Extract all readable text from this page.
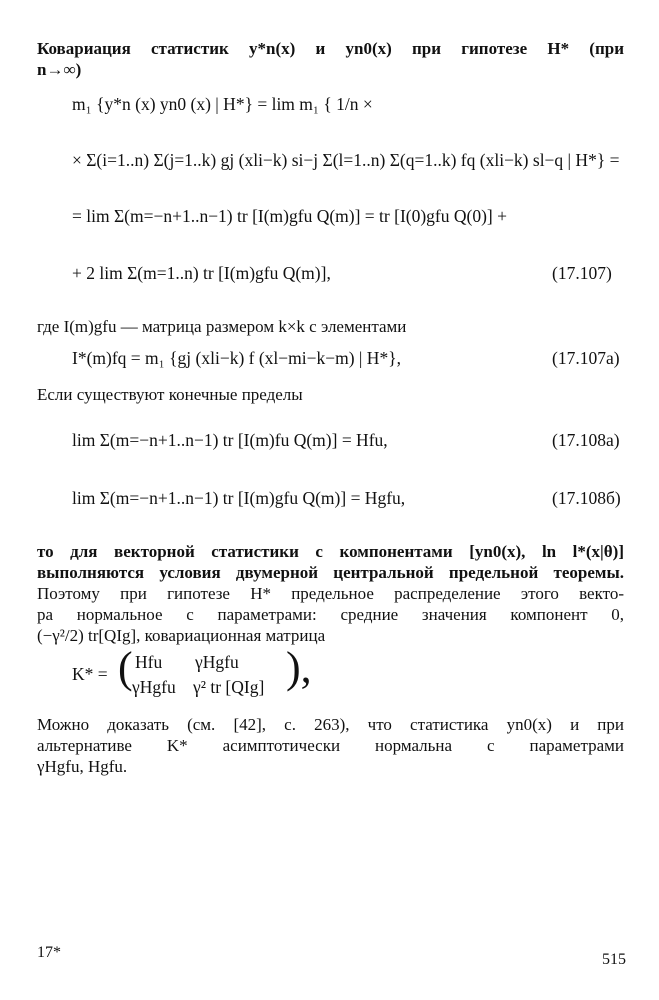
Ковариация статистик y*n(x) и yn0(x) при гипотезе H* (при
n→∞)
m₁ {y*n (x) yn0 (x) | H*} = lim m₁ { 1/n ×
× Σ(i=1..n) Σ(j=1..k) gj (xli−k) si−j Σ(l=1..n) Σ(q=1..k) fq (xli−k) sl−q | H*} =
= lim Σ(m=−n+1..n−1) tr [I(m)gfu Q(m)] = tr [I(0)gfu Q(0)] +
+ 2 lim Σ(m=1..n) tr [I(m)gfu Q(m)],	(17.107)
где I(m)gfu — матрица размером k×k с элементами
I*(m)fq = m₁ {gj (xli−k) f (xl−mi−k−m) | H*},	(17.107a)
Если существуют конечные пределы
lim Σ(m=−n+1..n−1) tr [I(m)fu Q(m)] = Hfu,	(17.108a)
lim Σ(m=−n+1..n−1) tr [I(m)gfu Q(m)] = Hgfu,	(17.108б)
то для векторной статистики с компонентами [yn0(x), ln l*(x|θ)]
выполняются условия двумерной центральной предельной теоремы.
Поэтому при гипотезе H* предельное распределение этого векто-
ра нормальное с параметрами: средние значения компонент 0,
(−γ²/2) tr[QIg], ковариационная матрица
K* = ( Hfu γHgfu
γHgfu γ² tr [QIg] ),
Можно доказать (см. [42], с. 263), что статистика yn0(x) и при
альтернативе K* асимптотически нормальна с параметрами
γHgfu, Hgfu.
17*	515
